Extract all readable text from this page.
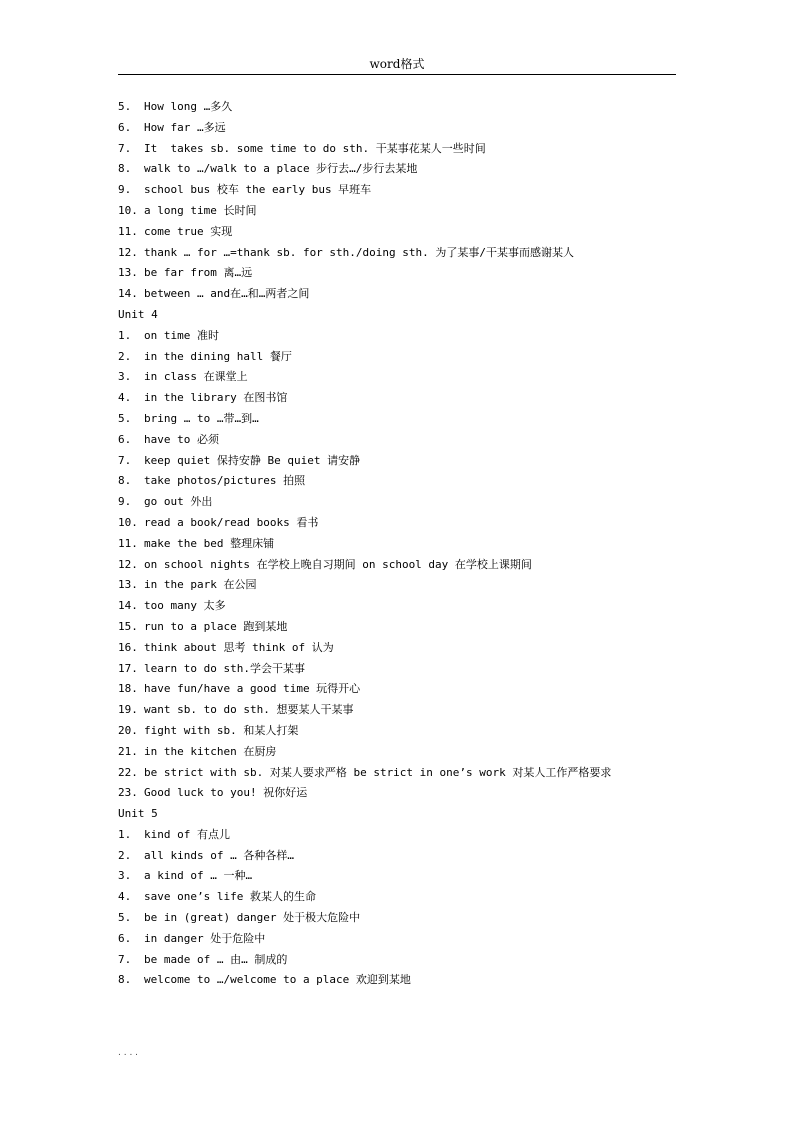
word格式
5.	How long …多久
6.	How far …多远
7.	It  takes sb. some time to do sth. 干某事花某人一些时间
8.	walk to …/walk to a place 步行去…/步行去某地
9.	school bus 校车 the early bus 早班车
10. a long time 长时间
11. come true 实现
12. thank … for …=thank sb. for sth./doing sth. 为了某事/干某事而感谢某人
13. be far from 离…远
14. between … and在…和…两者之间
Unit 4
1.	on time 准时
2.	in the dining hall 餐厅
3.	in class 在课堂上
4.	in the library 在图书馆
5.	bring … to …带…到…
6.	have to 必须
7.	keep quiet 保持安静 Be quiet 请安静
8.	take photos/pictures 拍照
9.	go out 外出
10. read a book/read books 看书
11. make the bed 整理床铺
12. on school nights 在学校上晚自习期间 on school day 在学校上课期间
13. in the park 在公园
14. too many 太多
15. run to a place 跑到某地
16. think about 思考 think of 认为
17. learn to do sth.学会干某事
18. have fun/have a good time 玩得开心
19. want sb. to do sth. 想要某人干某事
20. fight with sb. 和某人打架
21. in the kitchen 在厨房
22. be strict with sb. 对某人要求严格 be strict in one’s work 对某人工作严格要求
23. Good luck to you! 祝你好运
Unit 5
1.	kind of 有点儿
2.	all kinds of … 各种各样…
3.	a kind of … 一种…
4.	save one’s life 救某人的生命
5.	be in (great) danger 处于极大危险中
6.	in danger 处于危险中
7.	be made of … 由… 制成的
8.	welcome to …/welcome to a place 欢迎到某地
. . . .
